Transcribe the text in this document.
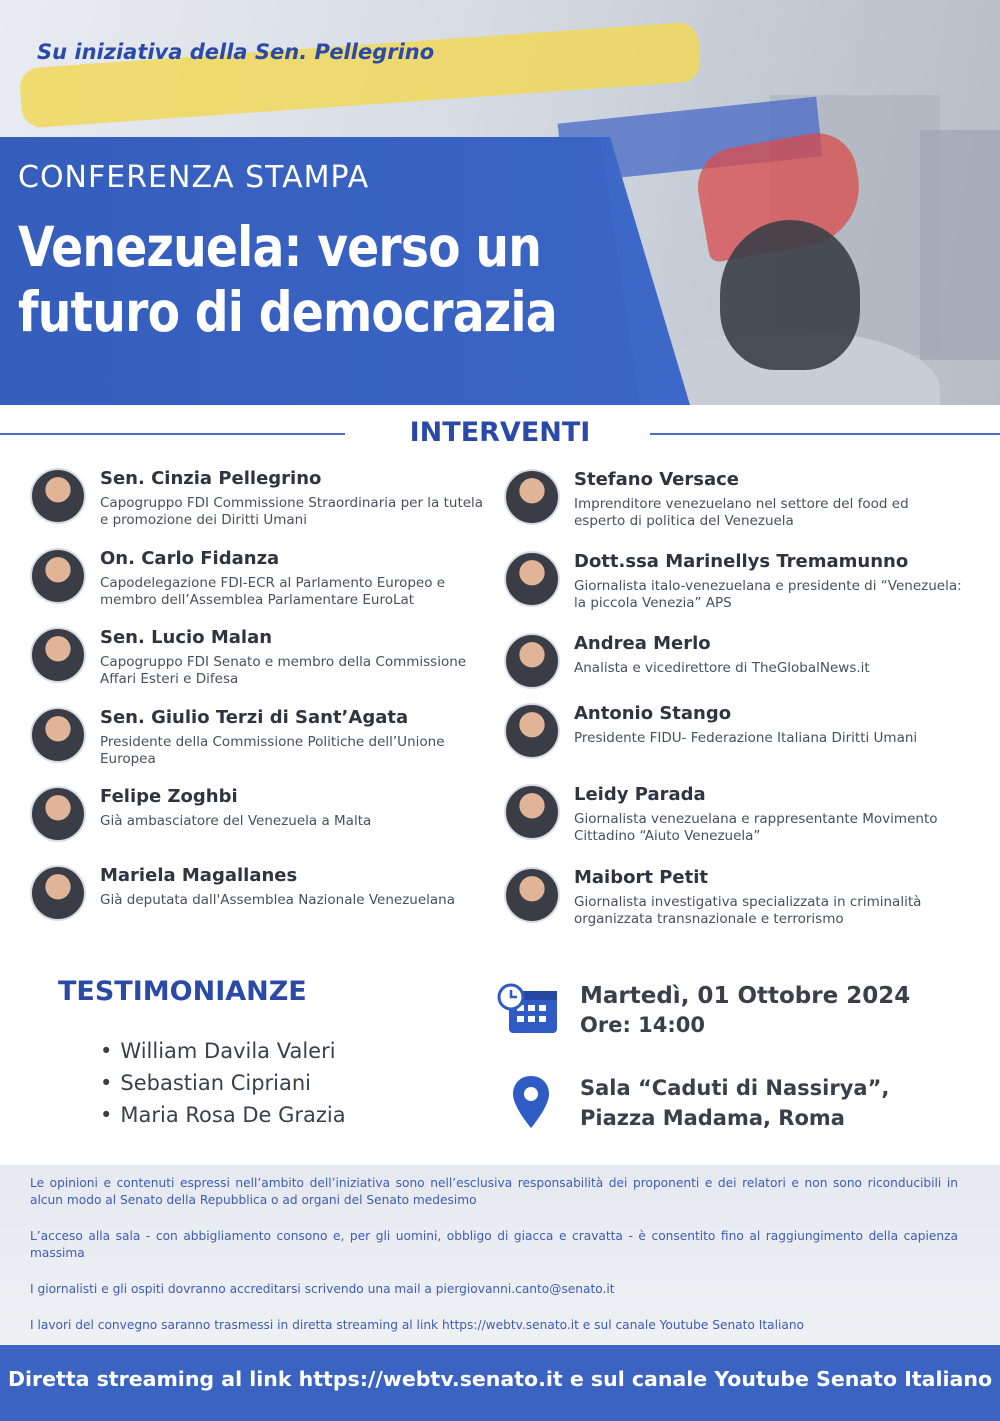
Su iniziativa della Sen. Pellegrino
CONFERENZA STAMPA
Venezuela: verso un futuro di democrazia
INTERVENTI
Sen. Cinzia Pellegrino
Capogruppo FDI Commissione Straordinaria per la tutela e promozione dei Diritti Umani
On. Carlo Fidanza
Capodelegazione FDI-ECR al Parlamento Europeo e membro dell’Assemblea Parlamentare EuroLat
Sen. Lucio Malan
Capogruppo FDI Senato e membro della Commissione Affari Esteri e Difesa
Sen. Giulio Terzi di Sant’Agata
Presidente della Commissione Politiche dell’Unione Europea
Felipe Zoghbi
Già ambasciatore del Venezuela a Malta
Mariela Magallanes
Già deputata dall'Assemblea Nazionale Venezuelana
Stefano Versace
Imprenditore venezuelano nel settore del food ed esperto di politica del Venezuela
Dott.ssa Marinellys Tremamunno
Giornalista italo-venezuelana e presidente di “Venezuela: la piccola Venezia” APS
Andrea Merlo
Analista e vicedirettore di TheGlobalNews.it
Antonio Stango
Presidente FIDU- Federazione Italiana Diritti Umani
Leidy Parada
Giornalista venezuelana e rappresentante Movimento Cittadino “Aiuto Venezuela”
Maibort Petit
Giornalista investigativa specializzata in criminalità organizzata transnazionale e terrorismo
TESTIMONIANZE
• William Davila Valeri
• Sebastian Cipriani
• Maria Rosa De Grazia
Martedì, 01 Ottobre 2024
Ore: 14:00
Sala “Caduti di Nassirya”,
Piazza Madama, Roma

Le opinioni e contenuti espressi nell’ambito dell’iniziativa sono nell’esclusiva responsabilità dei proponenti e dei relatori e non sono riconducibili in alcun modo al Senato della Repubblica o ad organi del Senato medesimo

L’acceso alla sala - con abbigliamento consono e, per gli uomini, obbligo di giacca e cravatta - è consentito fino al raggiungimento della capienza massima

I giornalisti e gli ospiti dovranno accreditarsi scrivendo una mail a piergiovanni.canto@senato.it

I lavori del convegno saranno trasmessi in diretta streaming al link https://webtv.senato.it e sul canale Youtube Senato Italiano

Diretta streaming al link https://webtv.senato.it e sul canale Youtube Senato Italiano
